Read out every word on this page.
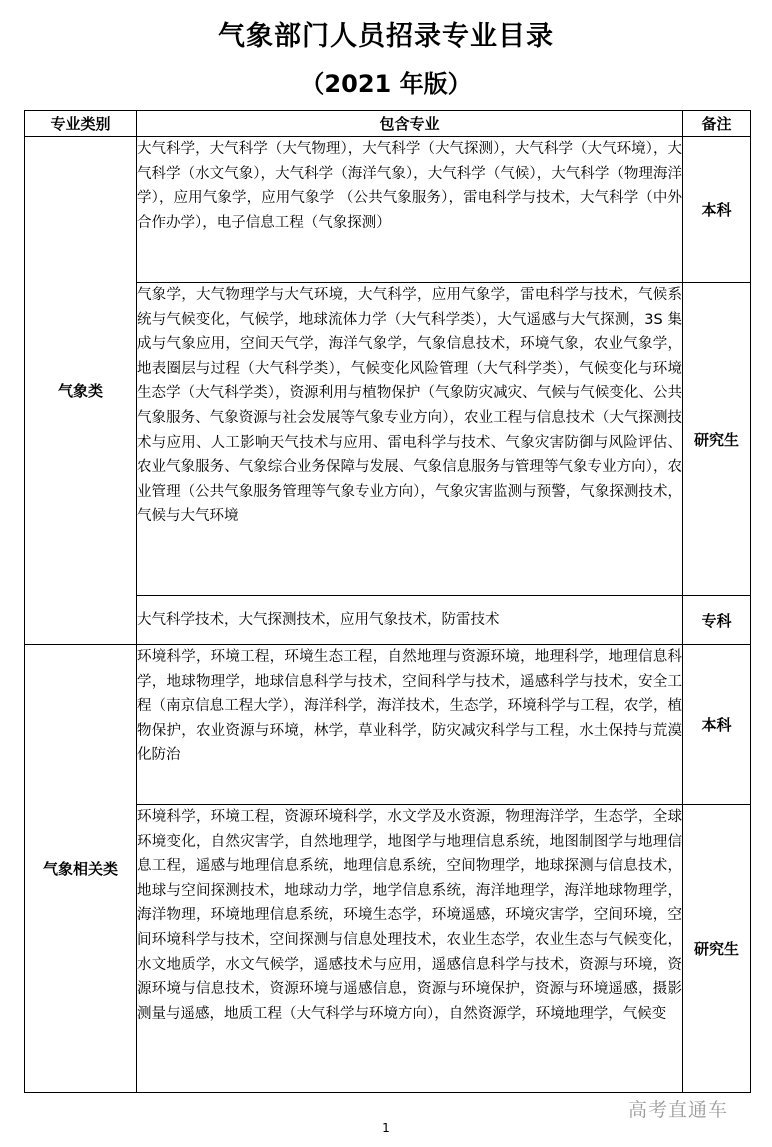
气象部门人员招录专业目录
（2021 年版）
专业类别	包含专业	备注
气象类	大气科学，大气科学（大气物理），大气科学（大气探测），大气科学（大气环境），大气科学（水文气象），大气科学（海洋气象），大气科学（气候），大气科学（物理海洋学），应用气象学，应用气象学 （公共气象服务），雷电科学与技术，大气科学（中外合作办学），电子信息工程（气象探测）	本科
	气象学，大气物理学与大气环境，大气科学，应用气象学，雷电科学与技术，气候系统与气候变化，气候学，地球流体力学（大气科学类），大气遥感与大气探测，3S 集成与气象应用，空间天气学，海洋气象学，气象信息技术，环境气象，农业气象学，地表圈层与过程（大气科学类），气候变化风险管理（大气科学类），气候变化与环境生态学（大气科学类），资源利用与植物保护（气象防灾减灾、气候与气候变化、公共气象服务、气象资源与社会发展等气象专业方向），农业工程与信息技术（大气探测技术与应用、人工影响天气技术与应用、雷电科学与技术、气象灾害防御与风险评估、农业气象服务、气象综合业务保障与发展、气象信息服务与管理等气象专业方向），农业管理（公共气象服务管理等气象专业方向），气象灾害监测与预警，气象探测技术，气候与大气环境	研究生
	大气科学技术，大气探测技术，应用气象技术，防雷技术	专科
气象相关类	环境科学，环境工程，环境生态工程，自然地理与资源环境，地理科学，地理信息科学，地球物理学，地球信息科学与技术，空间科学与技术，遥感科学与技术，安全工程（南京信息工程大学），海洋科学，海洋技术，生态学，环境科学与工程，农学，植物保护，农业资源与环境，林学，草业科学，防灾减灾科学与工程，水土保持与荒漠化防治	本科
	环境科学，环境工程，资源环境科学，水文学及水资源，物理海洋学，生态学，全球环境变化，自然灾害学，自然地理学，地图学与地理信息系统，地图制图学与地理信息工程，遥感与地理信息系统，地理信息系统，空间物理学，地球探测与信息技术，地球与空间探测技术，地球动力学，地学信息系统，海洋地理学，海洋地球物理学，海洋物理，环境地理信息系统，环境生态学，环境遥感，环境灾害学，空间环境，空间环境科学与技术，空间探测与信息处理技术，农业生态学，农业生态与气候变化，水文地质学，水文气候学，遥感技术与应用，遥感信息科学与技术，资源与环境，资源环境与信息技术，资源环境与遥感信息，资源与环境保护，资源与环境遥感，摄影测量与遥感，地质工程（大气科学与环境方向），自然资源学，环境地理学，气候变	研究生
高考直通车
1
